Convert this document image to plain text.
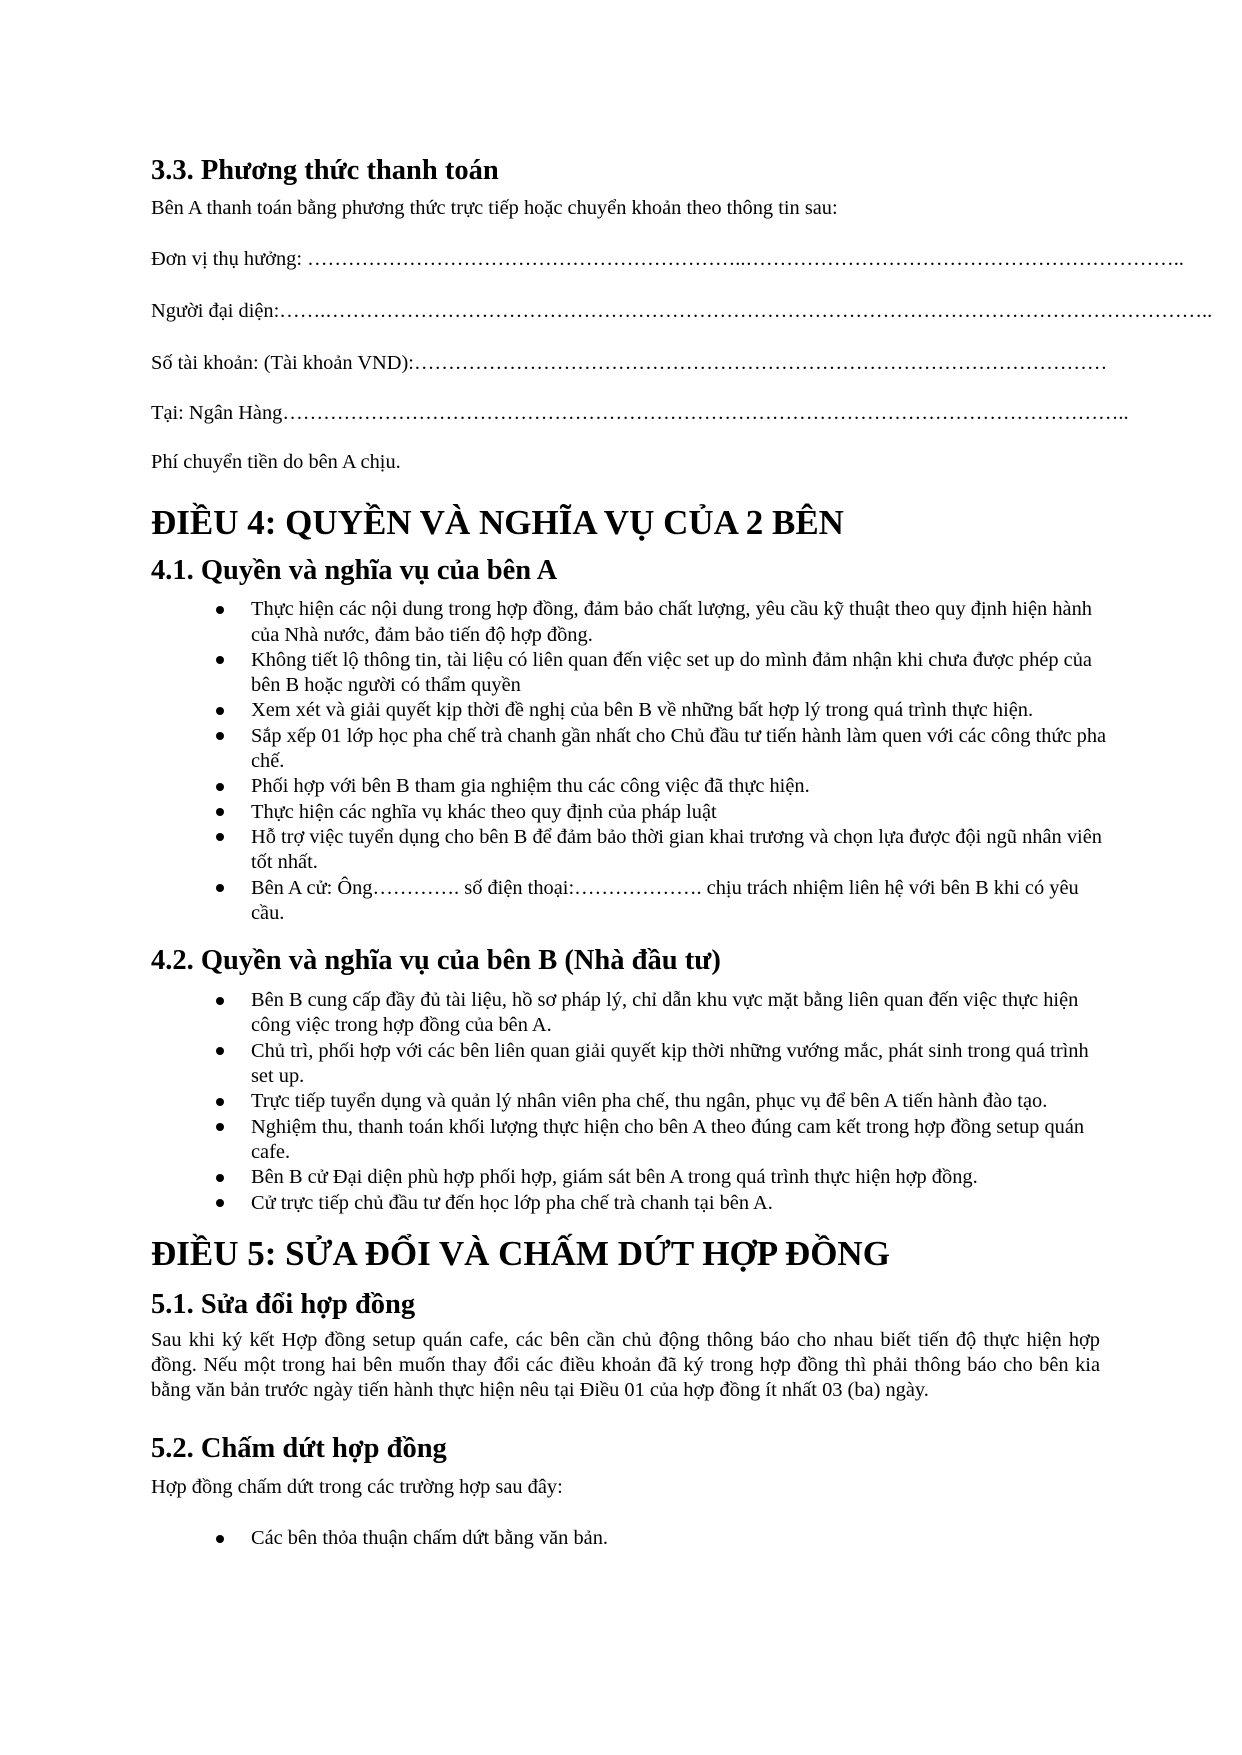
3.3. Phương thức thanh toán

Bên A thanh toán bằng phương thức trực tiếp hoặc chuyển khoản theo thông tin sau:

Đơn vị thụ hưởng: ………………………………………………………..………………………………………………………..

Người đại diện:…….…………………………………………………………………………………………………………………..

Số tài khoản: (Tài khoản VND):…………………………………………………………………………………………

Tại: Ngân Hàng……………………………………………………………………………………………………………..

Phí chuyển tiền do bên A chịu.

ĐIỀU 4: QUYỀN VÀ NGHĨA VỤ CỦA 2 BÊN
4.1. Quyền và nghĩa vụ của bên A
Thực hiện các nội dung trong hợp đồng, đảm bảo chất lượng, yêu cầu kỹ thuật theo quy định hiện hành của Nhà nước, đảm bảo tiến độ hợp đồng.
Không tiết lộ thông tin, tài liệu có liên quan đến việc set up do mình đảm nhận khi chưa được phép của bên B hoặc người có thẩm quyền
Xem xét và giải quyết kịp thời đề nghị của bên B về những bất hợp lý trong quá trình thực hiện.
Sắp xếp 01 lớp học pha chế trà chanh gần nhất cho Chủ đầu tư tiến hành làm quen với các công thức pha chế.
Phối hợp với bên B tham gia nghiệm thu các công việc đã thực hiện.
Thực hiện các nghĩa vụ khác theo quy định của pháp luật
Hỗ trợ việc tuyển dụng cho bên B để đảm bảo thời gian khai trương và chọn lựa được đội ngũ nhân viên tốt nhất.
Bên A cử: Ông…………. số điện thoại:………………. chịu trách nhiệm liên hệ với bên B khi có yêu cầu.
4.2. Quyền và nghĩa vụ của bên B (Nhà đầu tư)
Bên B cung cấp đầy đủ tài liệu, hồ sơ pháp lý, chỉ dẫn khu vực mặt bằng liên quan đến việc thực hiện công việc trong hợp đồng của bên A.
Chủ trì, phối hợp với các bên liên quan giải quyết kịp thời những vướng mắc, phát sinh trong quá trình set up.
Trực tiếp tuyển dụng và quản lý nhân viên pha chế, thu ngân, phục vụ để bên A tiến hành đào tạo.
Nghiệm thu, thanh toán khối lượng thực hiện cho bên A theo đúng cam kết trong hợp đồng setup quán cafe.
Bên B cử Đại diện phù hợp phối hợp, giám sát bên A trong quá trình thực hiện hợp đồng.
Cử trực tiếp chủ đầu tư đến học lớp pha chế trà chanh tại bên A.
ĐIỀU 5: SỬA ĐỔI VÀ CHẤM DỨT HỢP ĐỒNG
5.1. Sửa đổi hợp đồng

Sau khi ký kết Hợp đồng setup quán cafe, các bên cần chủ động thông báo cho nhau biết tiến độ thực hiện hợp đồng. Nếu một trong hai bên muốn thay đổi các điều khoản đã ký trong hợp đồng thì phải thông báo cho bên kia bằng văn bản trước ngày tiến hành thực hiện nêu tại Điều 01 của hợp đồng ít nhất 03 (ba) ngày.

5.2. Chấm dứt hợp đồng

Hợp đồng chấm dứt trong các trường hợp sau đây:

Các bên thỏa thuận chấm dứt bằng văn bản.
